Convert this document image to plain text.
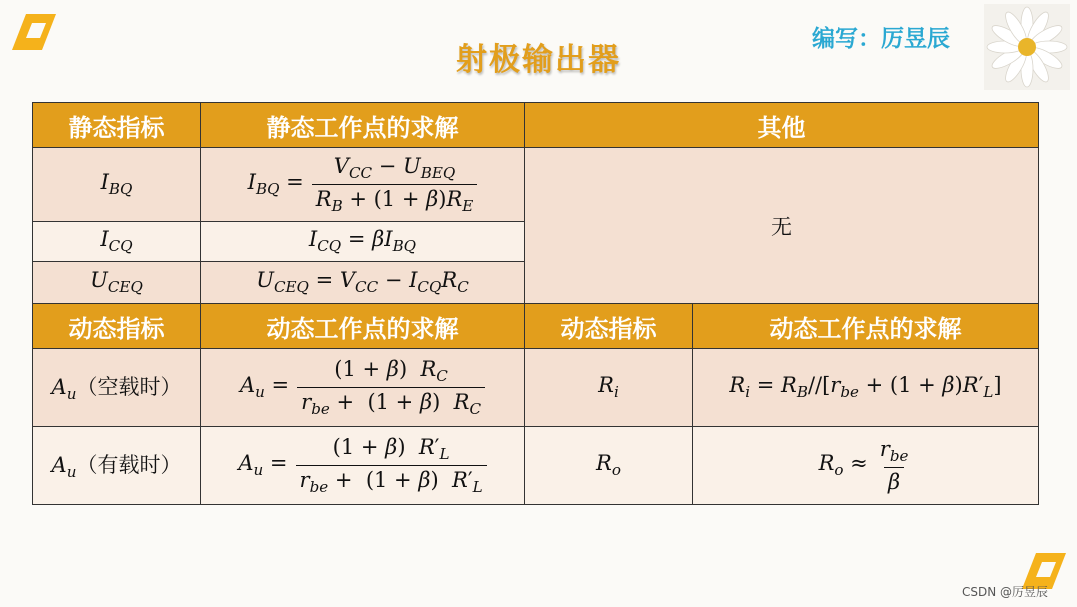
射极输出器
编写：厉昱辰
静态指标	静态工作点的求解	其他	
$I_{BQ}$	$I_{BQ} = \frac{V_{CC} - U_{BEQ}}{R_B + (1 + \beta)R_E}$	无	
$I_{CQ}$	$I_{CQ} = \beta I_{BQ}$
$U_{CEQ}$	$U_{CEQ} = V_{CC} - I_{CQ}R_C$
动态指标	动态工作点的求解	动态指标	动态工作点的求解
$A_u$（空载时）	$A_u = \frac{(1 + \beta) R_C}{r_{be} + (1 + \beta) R_C}$	$R_i$	$R_i = R_B//[r_{be} + (1 + \beta)R'_L]$
$A_u$（有载时）	$A_u = \frac{(1 + \beta) R'_L}{r_{be} + (1 + \beta) R'_L}$	$R_o$	$R_o \approx \frac{r_{be}}{\beta}$
CSDN @厉昱辰
